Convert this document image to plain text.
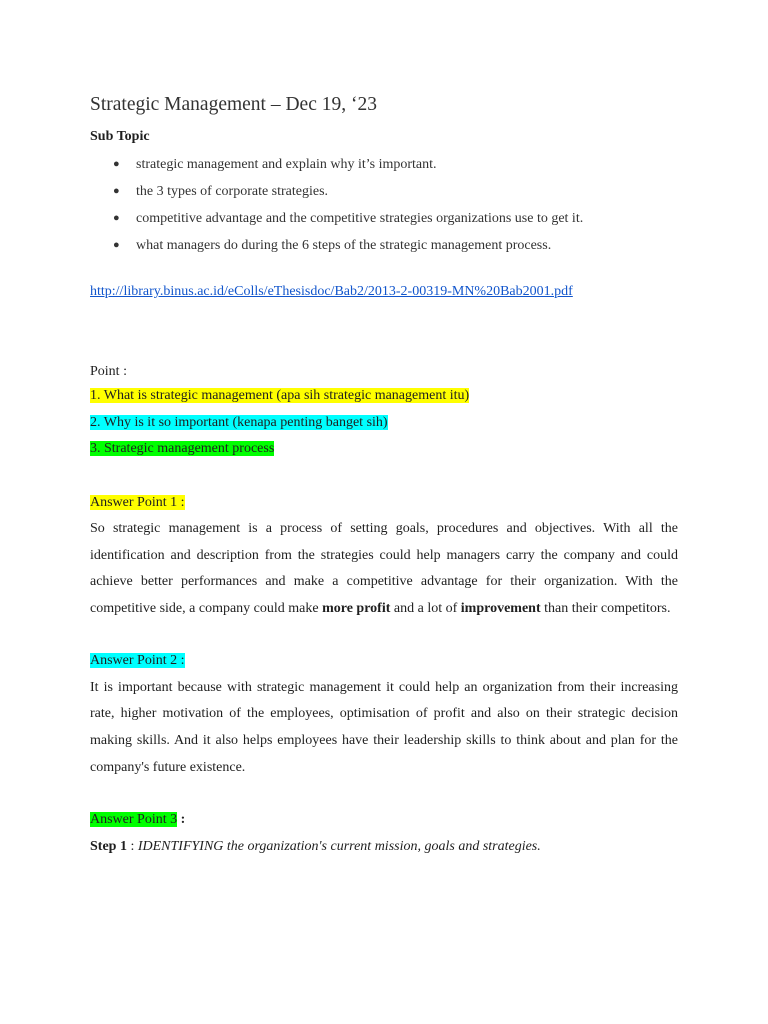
Strategic Management – Dec 19, ‘23
Sub Topic
● strategic management and explain why it’s important.
● the 3 types of corporate strategies.
● competitive advantage and the competitive strategies organizations use to get it.
● what managers do during the 6 steps of the strategic management process.
http://library.binus.ac.id/eColls/eThesisdoc/Bab2/2013-2-00319-MN%20Bab2001.pdf
Point :
1. What is strategic management (apa sih strategic management itu)
2. Why is it so important (kenapa penting banget sih)
3. Strategic management process
Answer Point 1 :

So strategic management is a process of setting goals, procedures and objectives. With all the identification and description from the strategies could help managers carry the company and could achieve better performances and make a competitive advantage for their organization. With the competitive side, a company could make more profit and a lot of improvement than their competitors.

Answer Point 2 :

It is important because with strategic management it could help an organization from their increasing rate, higher motivation of the employees, optimisation of profit and also on their strategic decision making skills. And it also helps employees have their leadership skills to think about and plan for the company's future existence.

Answer Point 3 :
Step 1 : IDENTIFYING the organization's current mission, goals and strategies.
